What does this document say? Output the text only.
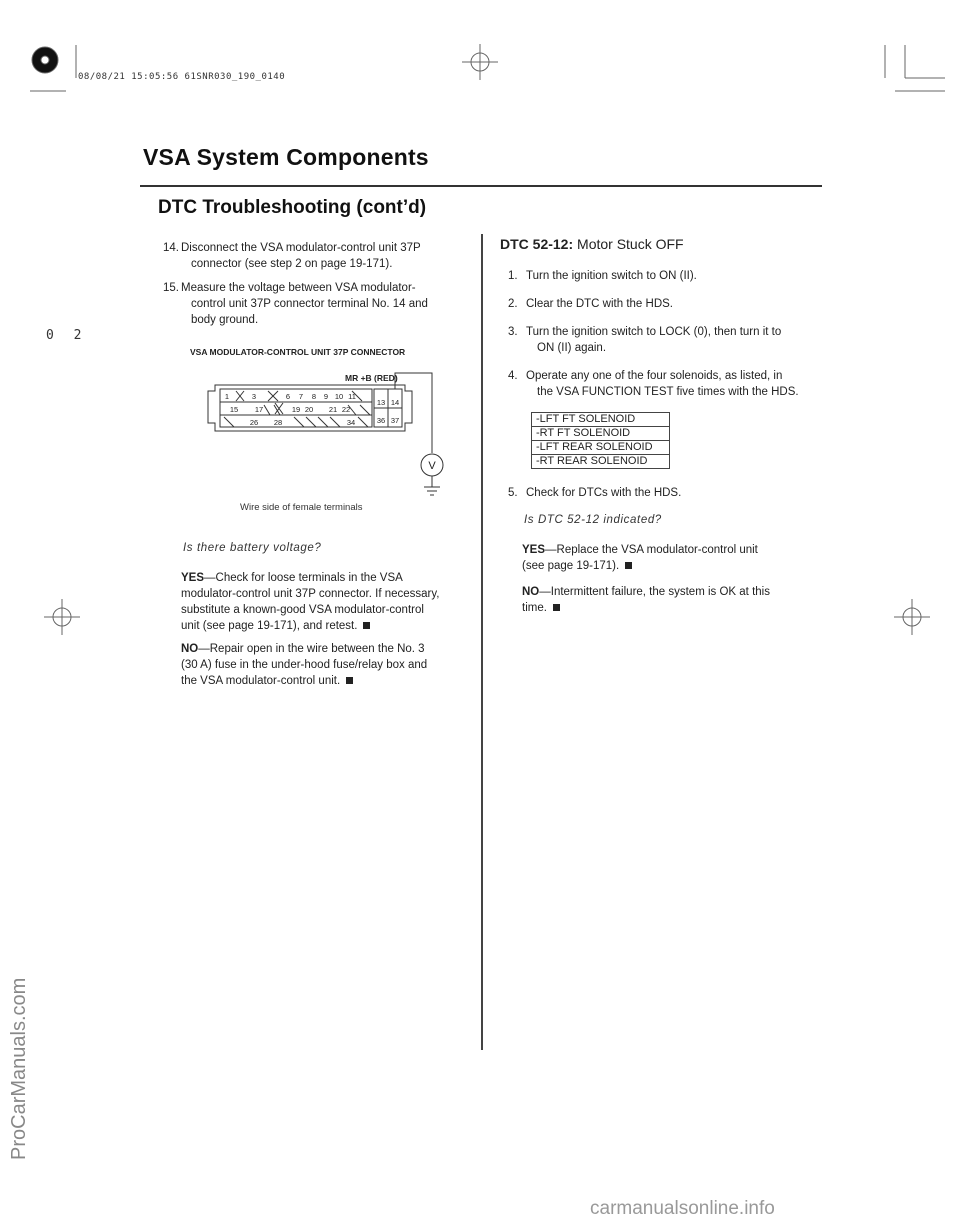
08/08/21 15:05:56 61SNR030_190_0140
VSA System Components
DTC Troubleshooting (cont’d)
0 2
14. Disconnect the VSA modulator-control unit 37P
connector (see step 2 on page 19-171).
15. Measure the voltage between VSA modulator-
control unit 37P connector terminal No. 14 and
body ground.
VSA MODULATOR-CONTROL UNIT 37P CONNECTOR
MR +B (RED)
1	3	6 7 8 9 10 11
15 17	19 20 21 22
26 28	34
13 14
36 37
V
Wire side of female terminals
Is there battery voltage?
YES—Check for loose terminals in the VSA
modulator-control unit 37P connector. If necessary,
substitute a known-good VSA modulator-control
unit (see page 19-171), and retest.
NO—Repair open in the wire between the No. 3
(30 A) fuse in the under-hood fuse/relay box and
the VSA modulator-control unit.
DTC 52-12: Motor Stuck OFF
1. Turn the ignition switch to ON (II).
2. Clear the DTC with the HDS.
3. Turn the ignition switch to LOCK (0), then turn it to
ON (II) again.
4. Operate any one of the four solenoids, as listed, in
the VSA FUNCTION TEST five times with the HDS.
-LFT FT SOLENOID
-RT FT SOLENOID
-LFT REAR SOLENOID
-RT REAR SOLENOID
5. Check for DTCs with the HDS.
Is DTC 52-12 indicated?
YES—Replace the VSA modulator-control unit
(see page 19-171).
NO—Intermittent failure, the system is OK at this
time.
ProCarManuals.com
carmanualsonline.info
